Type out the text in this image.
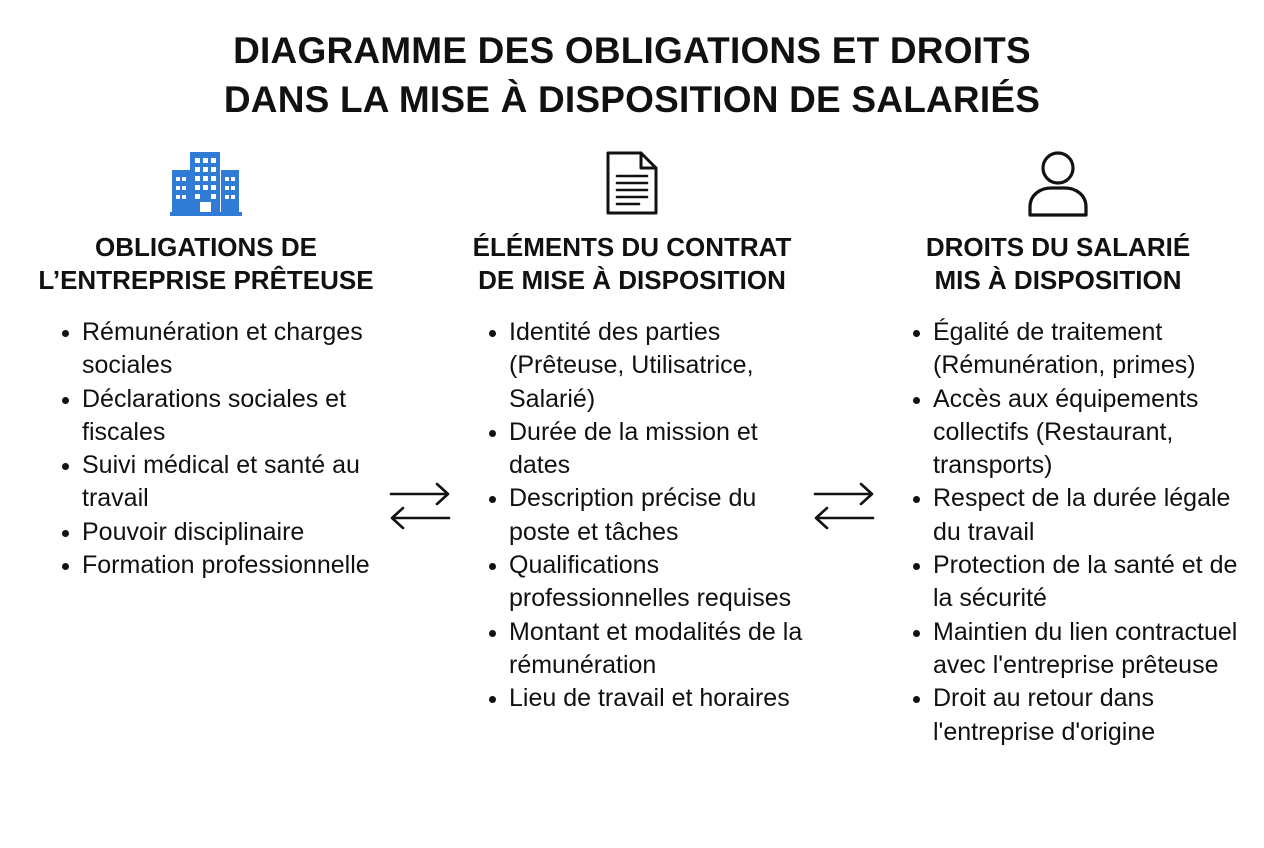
DIAGRAMME DES OBLIGATIONS ET DROITS
DANS LA MISE À DISPOSITION DE SALARIÉS
OBLIGATIONS DE
L’ENTREPRISE PRÊTEUSE
• Rémunération et charges sociales
• Déclarations sociales et fiscales
• Suivi médical et santé au travail
• Pouvoir disciplinaire
• Formation professionnelle
ÉLÉMENTS DU CONTRAT
DE MISE À DISPOSITION
• Identité des parties (Prêteuse, Utilisatrice, Salarié)
• Durée de la mission et dates
• Description précise du poste et tâches
• Qualifications professionnelles requises
• Montant et modalités de la rémunération
• Lieu de travail et horaires
DROITS DU SALARIÉ
MIS À DISPOSITION
• Égalité de traitement (Rémunération, primes)
• Accès aux équipements collectifs (Restaurant, transports)
• Respect de la durée légale du travail
• Protection de la santé et de la sécurité
• Maintien du lien contractuel avec l'entreprise prêteuse
• Droit au retour dans l'entreprise d'origine
